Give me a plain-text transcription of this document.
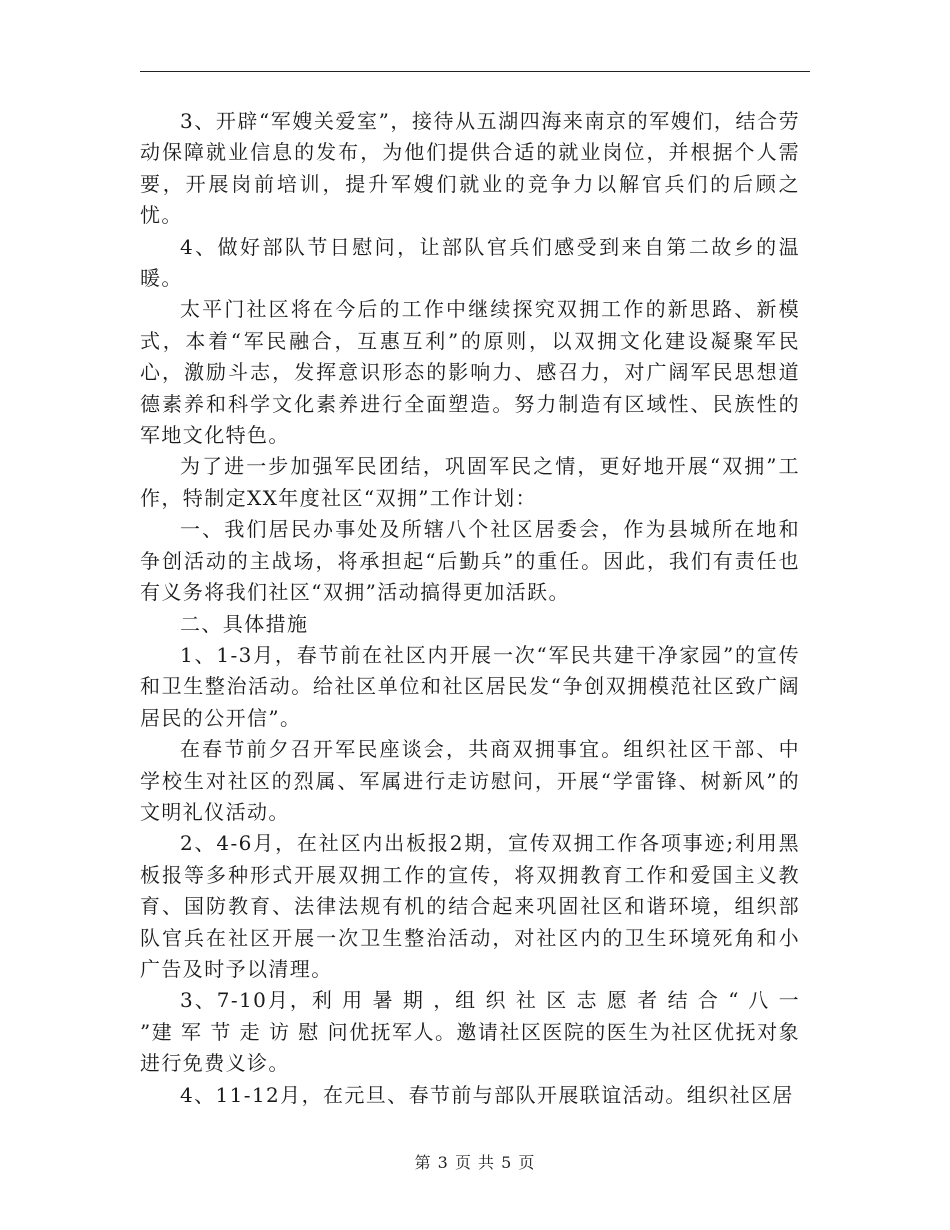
3、开辟“军嫂关爱室”，接待从五湖四海来南京的军嫂们，结合劳动保障就业信息的发布，为他们提供合适的就业岗位，并根据个人需要，开展岗前培训，提升军嫂们就业的竞争力以解官兵们的后顾之忧。

4、做好部队节日慰问，让部队官兵们感受到来自第二故乡的温暖。

太平门社区将在今后的工作中继续探究双拥工作的新思路、新模式，本着“军民融合，互惠互利”的原则，以双拥文化建设凝聚军民心，激励斗志，发挥意识形态的影响力、感召力，对广阔军民思想道德素养和科学文化素养进行全面塑造。努力制造有区域性、民族性的军地文化特色。

为了进一步加强军民团结，巩固军民之情，更好地开展“双拥”工作，特制定XX年度社区“双拥”工作计划：

一、我们居民办事处及所辖八个社区居委会，作为县城所在地和争创活动的主战场，将承担起“后勤兵”的重任。因此，我们有责任也有义务将我们社区“双拥”活动搞得更加活跃。

二、具体措施

1、1-3月，春节前在社区内开展一次“军民共建干净家园”的宣传和卫生整治活动。给社区单位和社区居民发“争创双拥模范社区致广阔居民的公开信”。

在春节前夕召开军民座谈会，共商双拥事宜。组织社区干部、中学校生对社区的烈属、军属进行走访慰问，开展“学雷锋、树新风”的文明礼仪活动。

2、4-6月，在社区内出板报2期，宣传双拥工作各项事迹;利用黑板报等多种形式开展双拥工作的宣传，将双拥教育工作和爱国主义教育、国防教育、法律法规有机的结合起来巩固社区和谐环境，组织部队官兵在社区开展一次卫生整治活动，对社区内的卫生环境死角和小广告及时予以清理。

3、7-10月，利 用 暑 期 ，组 织 社 区 志 愿 者 结 合 “ 八 一 ”建 军 节 走 访 慰 问优抚军人。邀请社区医院的医生为社区优抚对象进行免费义诊。

4、11-12月，在元旦、春节前与部队开展联谊活动。组织社区居

第 3 页 共 5 页
